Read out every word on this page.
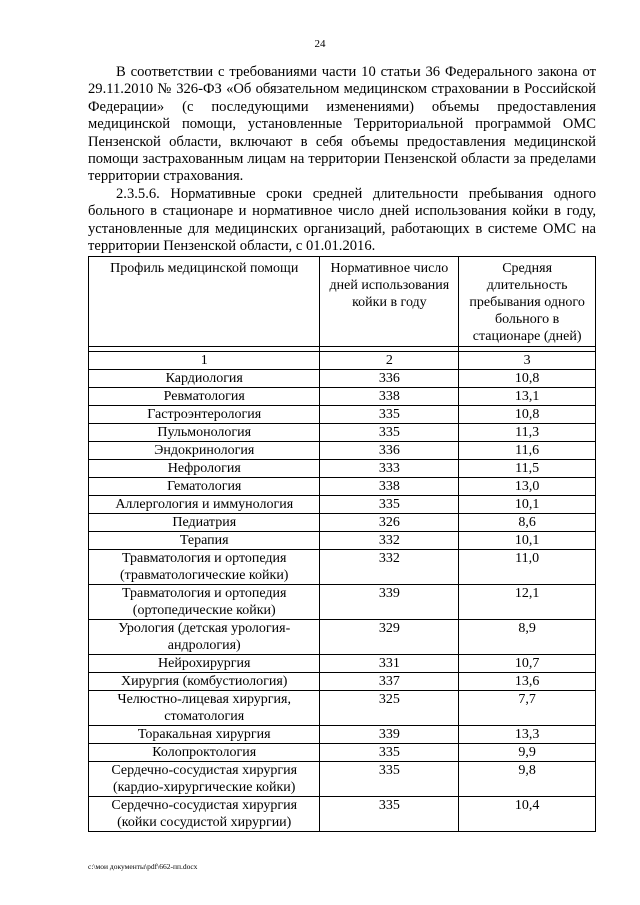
24

В соответствии с требованиями части 10 статьи 36 Федерального закона от 29.11.2010 № 326-ФЗ «Об обязательном медицинском страховании в Российской Федерации» (с последующими изменениями) объемы предоставления медицинской помощи, установленные Территориальной программой ОМС Пензенской области, включают в себя объемы предоставления медицинской помощи застрахованным лицам на территории Пензенской области за пределами территории страхования.

2.3.5.6. Нормативные сроки средней длительности пребывания одного больного в стационаре и нормативное число дней использования койки в году, установленные для медицинских организаций, работающих в системе ОМС на территории Пензенской области, с 01.01.2016.

Профиль медицинской помощи	Нормативное число дней использования койки в году	Средняя длительность пребывания одного больного в стационаре (дней)

1	2	3
Кардиология	336	10,8
Ревматология	338	13,1
Гастроэнтерология	335	10,8
Пульмонология	335	11,3
Эндокринология	336	11,6
Нефрология	333	11,5
Гематология	338	13,0
Аллергология и иммунология	335	10,1
Педиатрия	326	8,6
Терапия	332	10,1
Травматология и ортопедия (травматологические койки)	332	11,0
Травматология и ортопедия (ортопедические койки)	339	12,1
Урология (детская урология-андрология)	329	8,9
Нейрохирургия	331	10,7
Хирургия (комбустиология)	337	13,6
Челюстно-лицевая хирургия, стоматология	325	7,7
Торакальная хирургия	339	13,3
Колопроктология	335	9,9
Сердечно-сосудистая хирургия (кардио-хирургические койки)	335	9,8
Сердечно-сосудистая хирургия (койки сосудистой хирургии)	335	10,4
c:\мои документы\pdf\662-пп.docx
